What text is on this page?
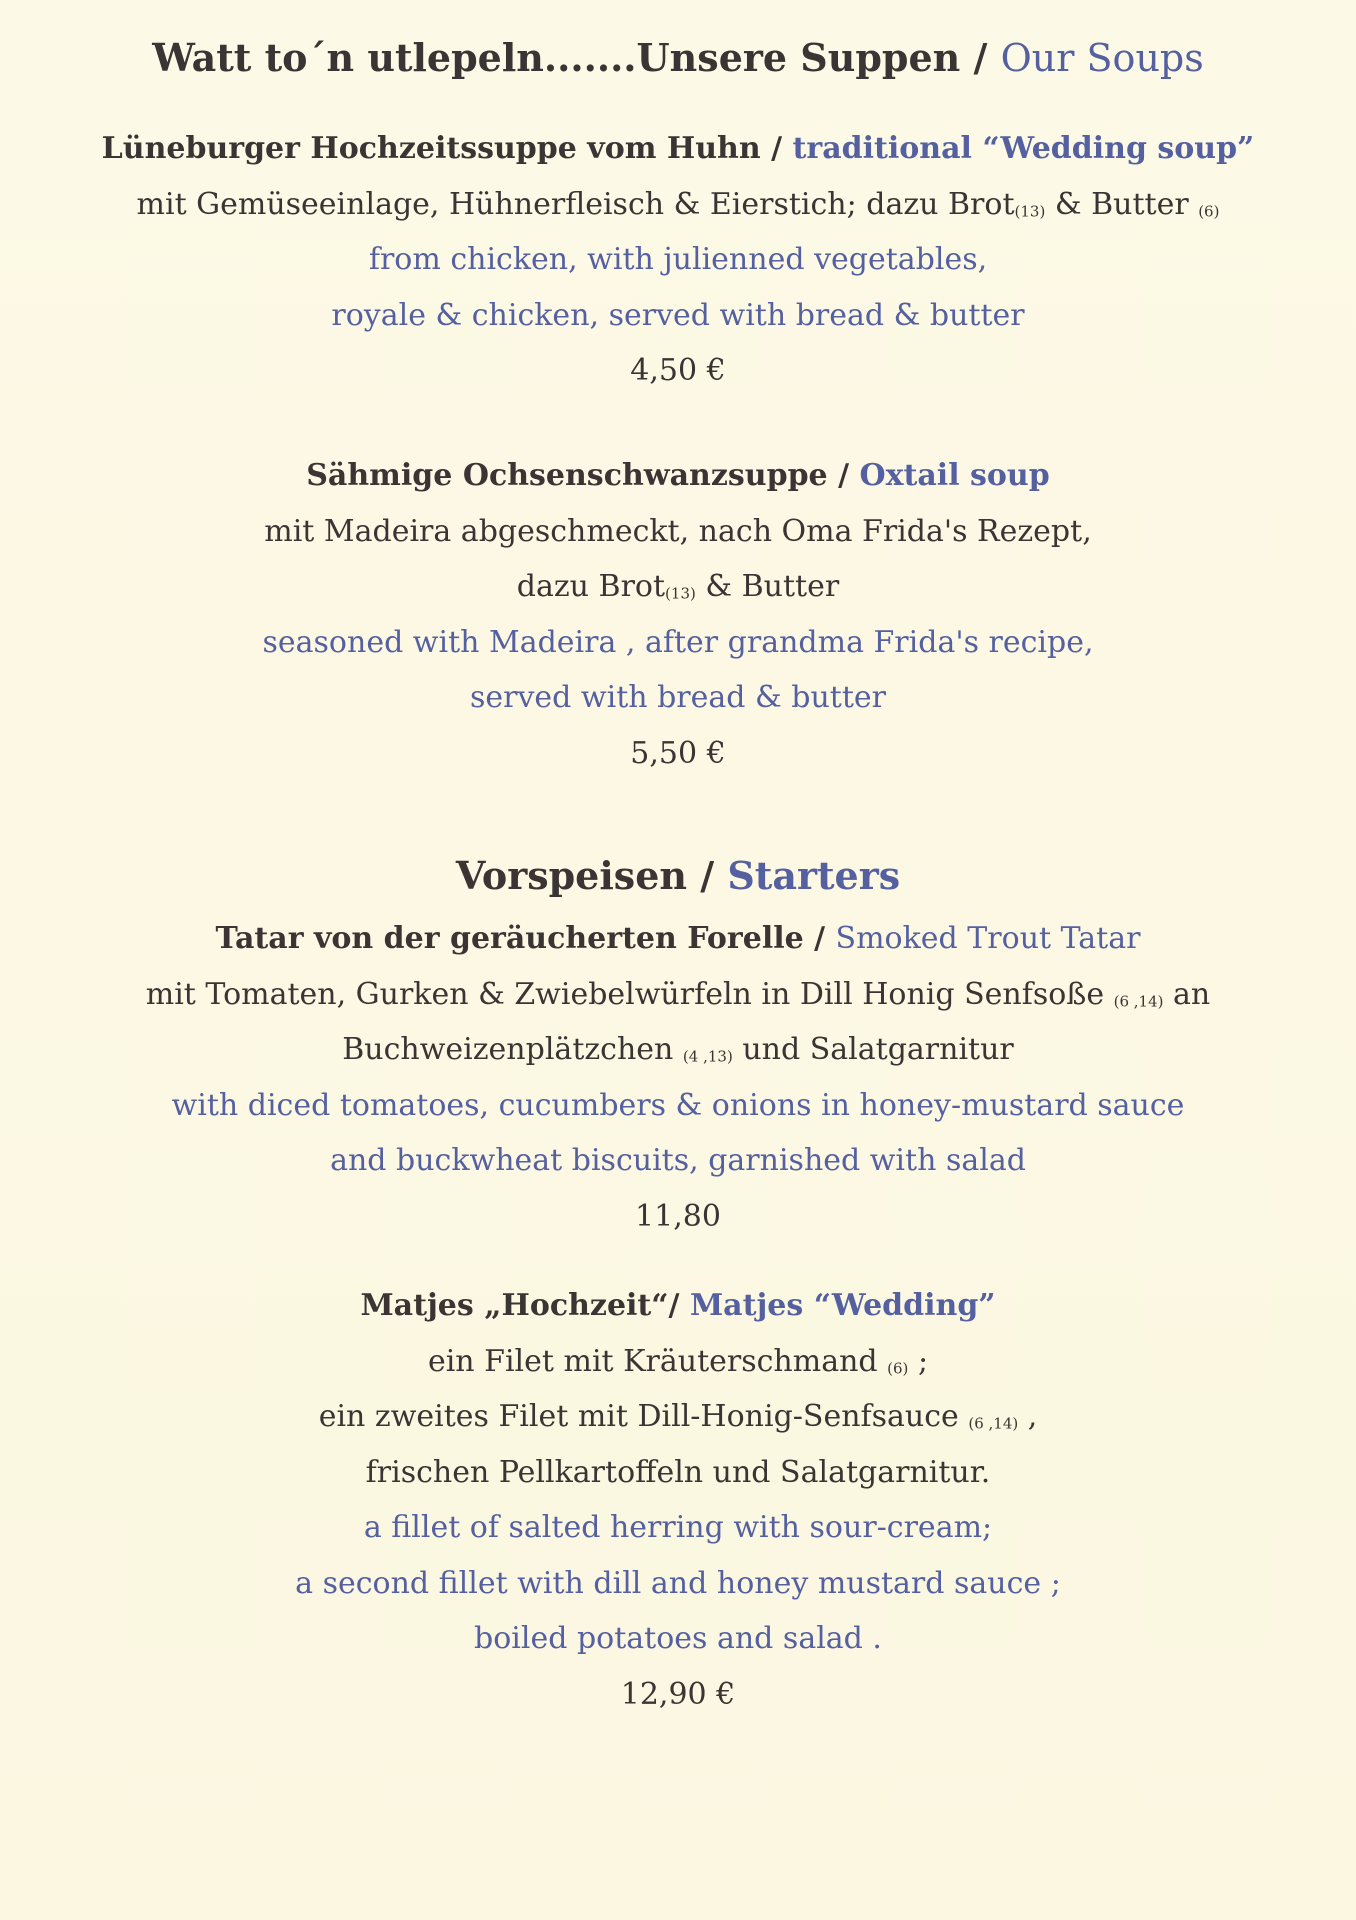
Watt to´n utlepeln.......Unsere Suppen / Our Soups
Lüneburger Hochzeitssuppe vom Huhn / traditional “Wedding soup”
mit Gemüseeinlage, Hühnerfleisch & Eierstich; dazu Brot(13) & Butter (6)
from chicken, with julienned vegetables,
royale & chicken, served with bread & butter
4,50 €
Sähmige Ochsenschwanzsuppe / Oxtail soup
mit Madeira abgeschmeckt, nach Oma Frida's Rezept,
dazu Brot(13) & Butter
seasoned with Madeira , after grandma Frida's recipe,
served with bread & butter
5,50 €
Vorspeisen / Starters
Tatar von der geräucherten Forelle / Smoked Trout Tatar
mit Tomaten, Gurken & Zwiebelwürfeln in Dill Honig Senfsoße (6 ,14) an
Buchweizenplätzchen (4 ,13) und Salatgarnitur
with diced tomatoes, cucumbers & onions in honey-mustard sauce
and buckwheat biscuits, garnished with salad
11,80
Matjes „Hochzeit“/ Matjes “Wedding”
ein Filet mit Kräuterschmand (6) ;
ein zweites Filet mit Dill-Honig-Senfsauce (6 ,14) ,
frischen Pellkartoffeln und Salatgarnitur.
a fillet of salted herring with sour-cream;
a second fillet with dill and honey mustard sauce ;
boiled potatoes and salad .
12,90 €
